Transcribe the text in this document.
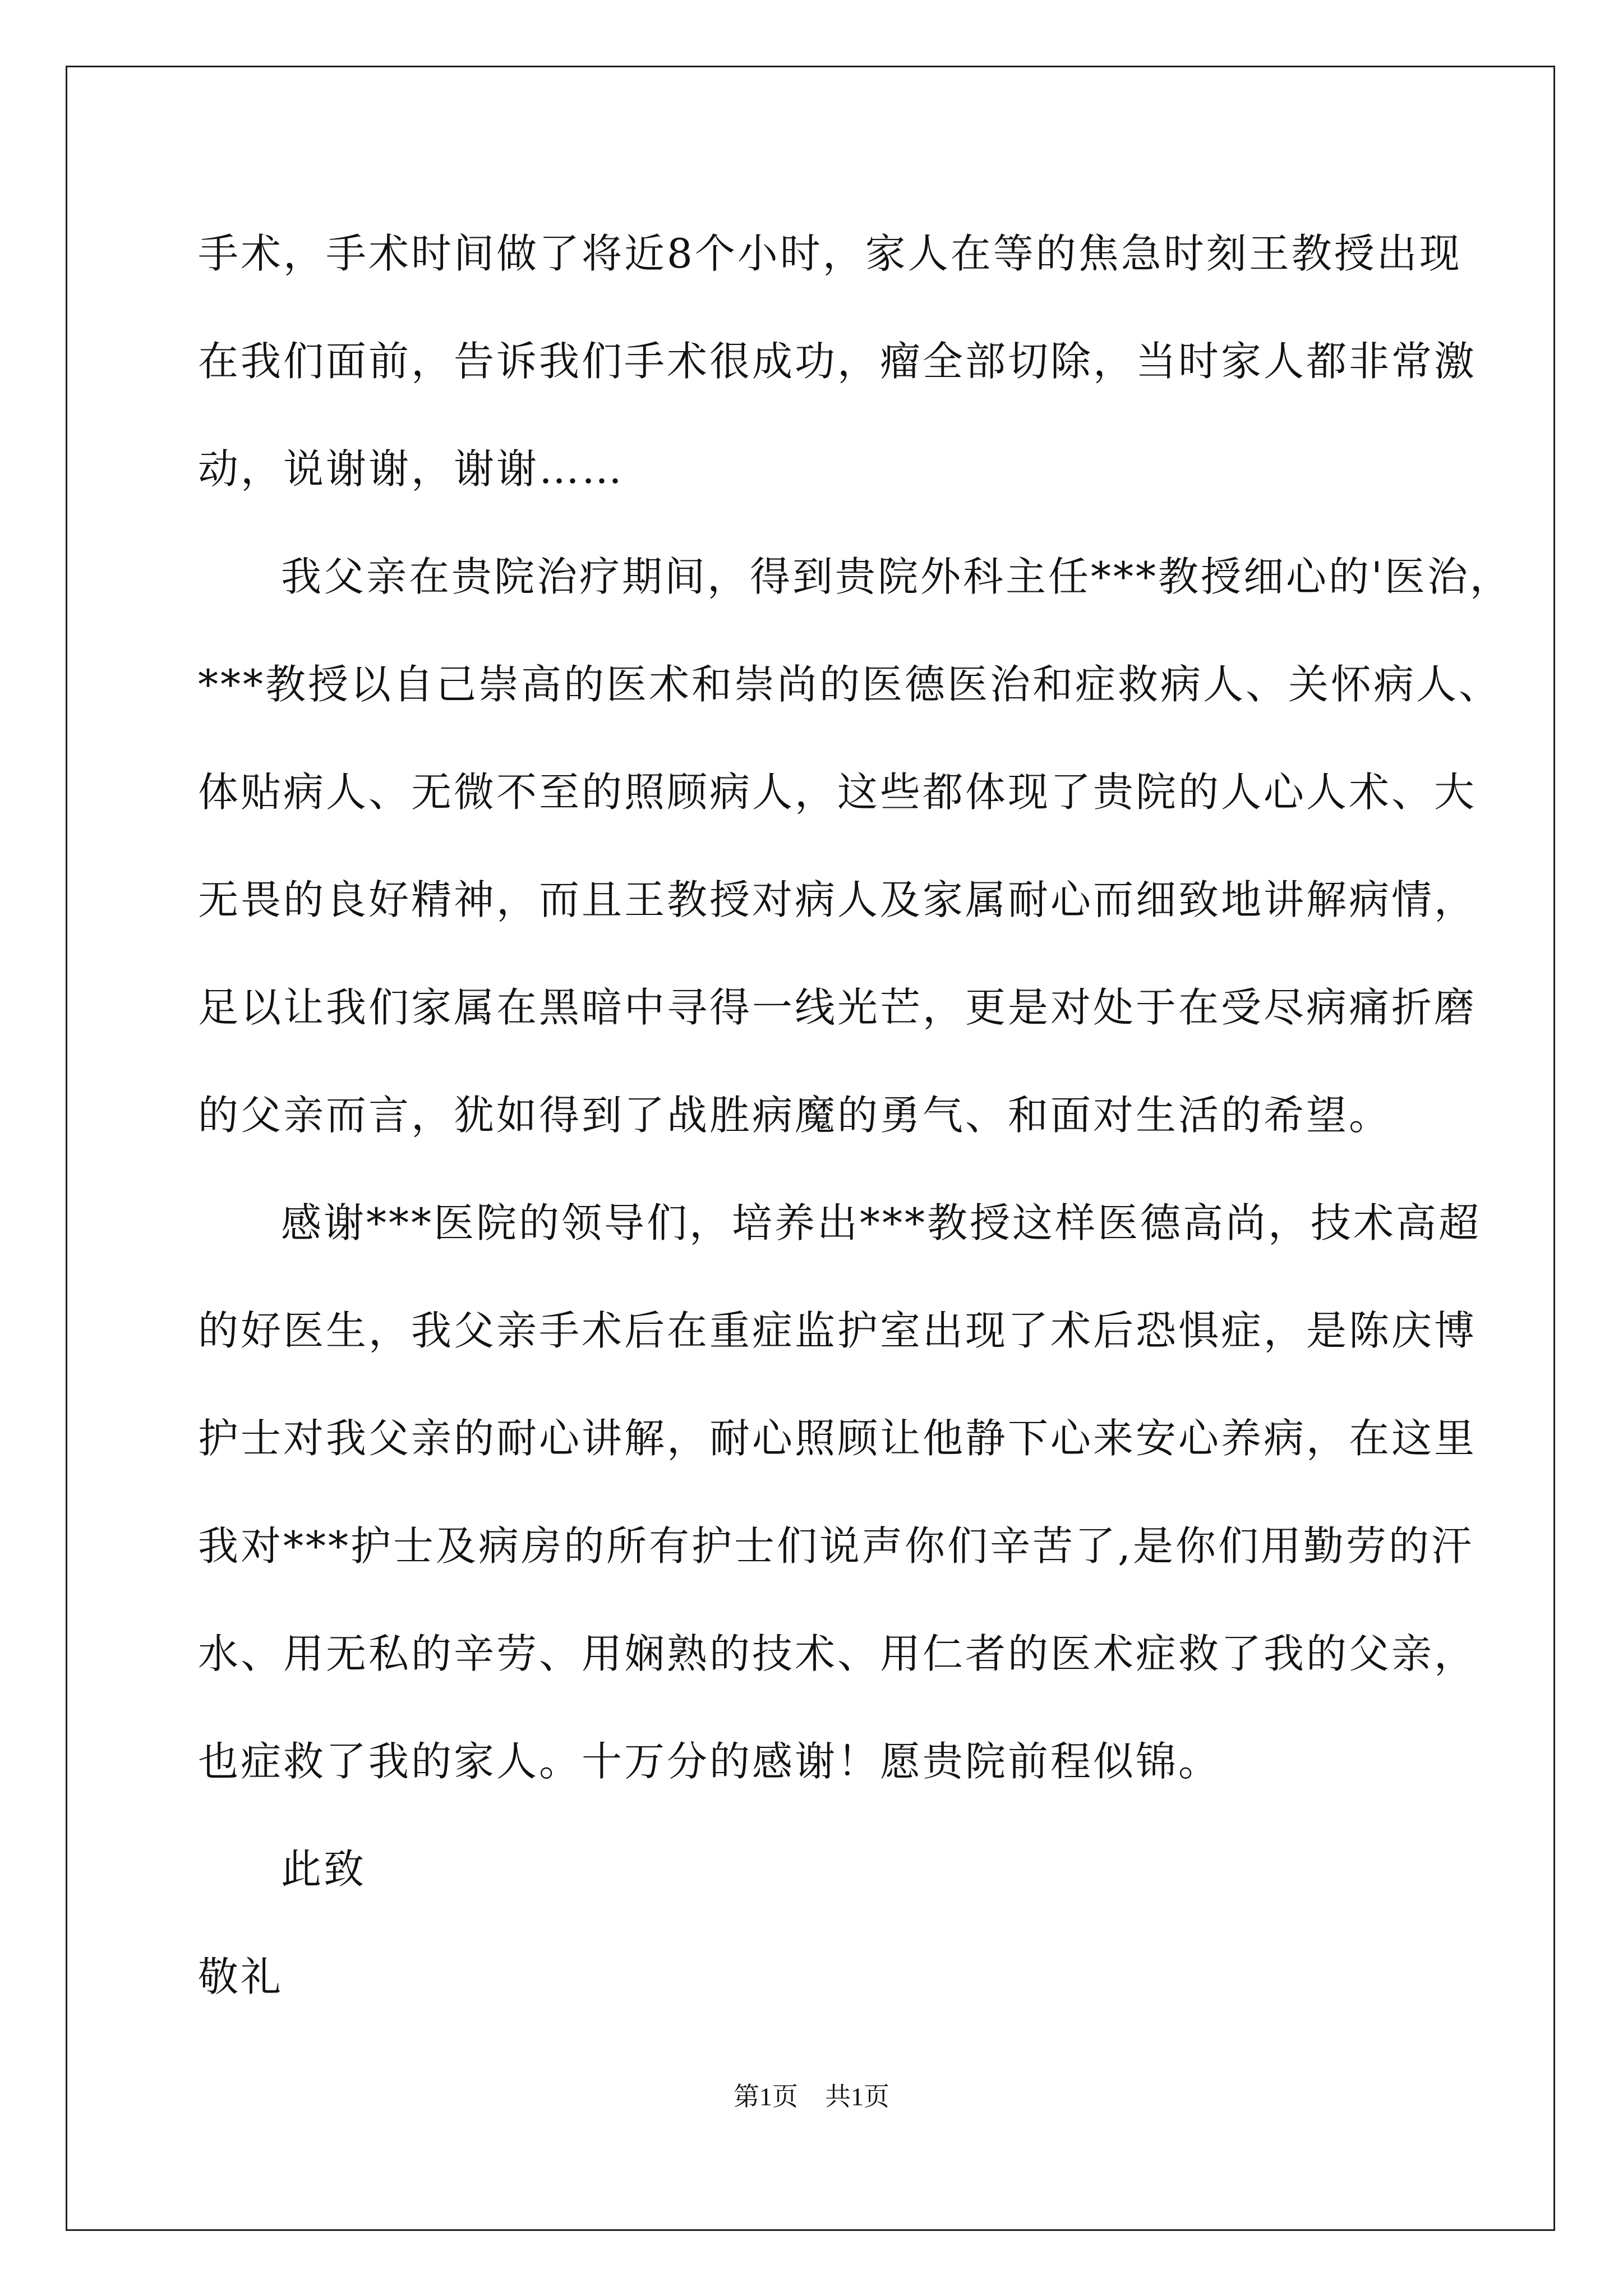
手术，手术时间做了将近8个小时，家人在等的焦急时刻王教授出现
在我们面前，告诉我们手术很成功，瘤全部切除，当时家人都非常激
动，说谢谢，谢谢……
我父亲在贵院治疗期间，得到贵院外科主任***教授细心的'医治，
***教授以自己崇高的医术和崇尚的医德医治和症救病人、关怀病人、
体贴病人、无微不至的照顾病人，这些都体现了贵院的人心人术、大
无畏的良好精神，而且王教授对病人及家属耐心而细致地讲解病情，
足以让我们家属在黑暗中寻得一线光芒，更是对处于在受尽病痛折磨
的父亲而言，犹如得到了战胜病魔的勇气、和面对生活的希望。
感谢***医院的领导们，培养出***教授这样医德高尚，技术高超
的好医生，我父亲手术后在重症监护室出现了术后恐惧症，是陈庆博
护士对我父亲的耐心讲解，耐心照顾让他静下心来安心养病，在这里
我对***护士及病房的所有护士们说声你们辛苦了,是你们用勤劳的汗
水、用无私的辛劳、用娴熟的技术、用仁者的医术症救了我的父亲，
也症救了我的家人。十万分的感谢！愿贵院前程似锦。
此致
敬礼
第1页 共1页
